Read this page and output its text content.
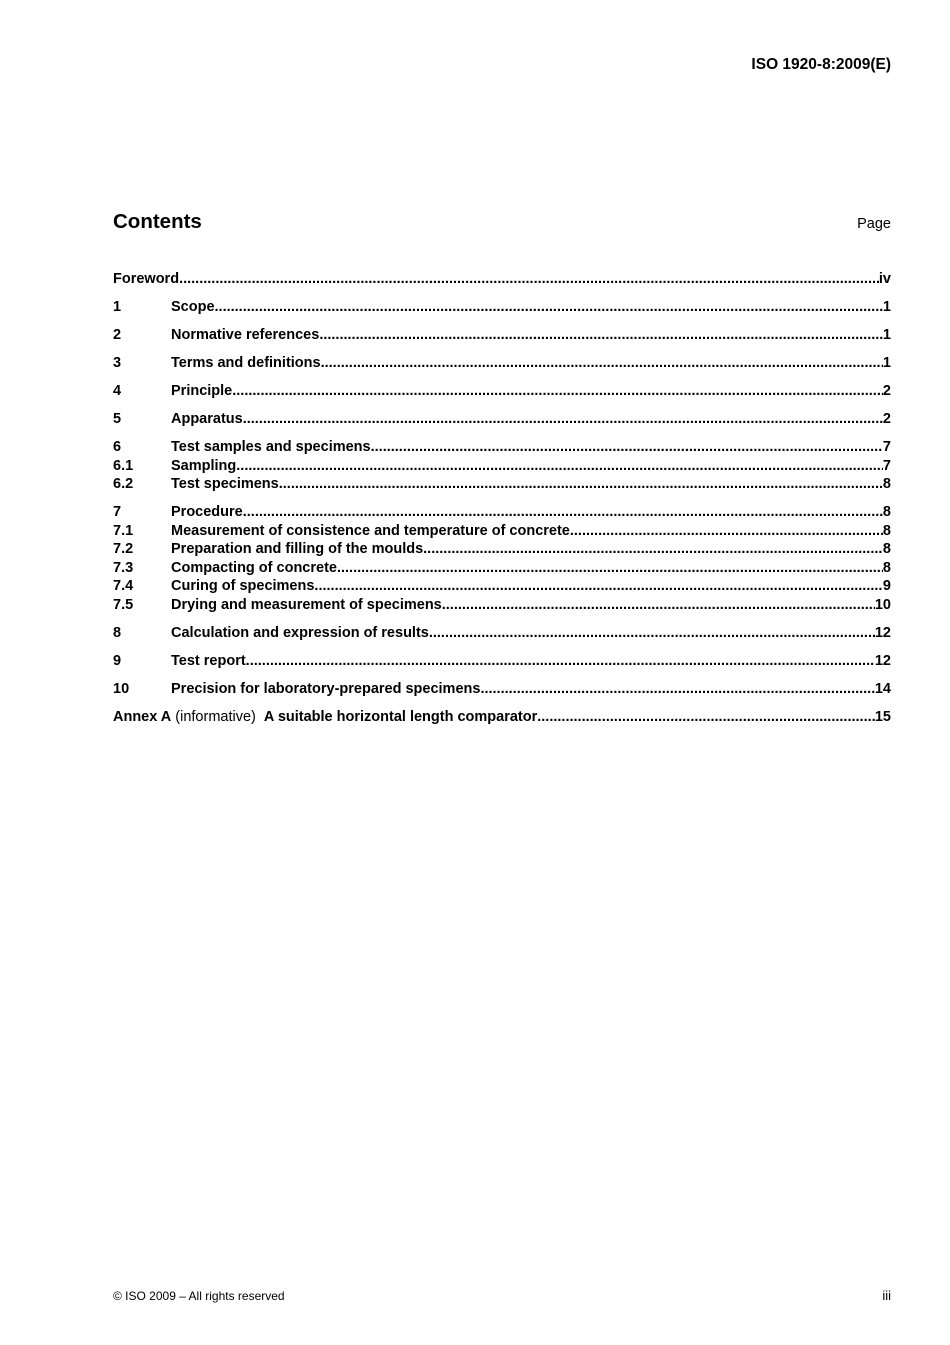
ISO 1920-8:2009(E)
Contents	Page
Foreword .....	iv
1	Scope .....	1
2	Normative references .....	1
3	Terms and definitions .....	1
4	Principle .....	2
5	Apparatus .....	2
6	Test samples and specimens .....	7
6.1	Sampling .....	7
6.2	Test specimens .....	8
7	Procedure .....	8
7.1	Measurement of consistence and temperature of concrete .....	8
7.2	Preparation and filling of the moulds .....	8
7.3	Compacting of concrete .....	8
7.4	Curing of specimens .....	9
7.5	Drying and measurement of specimens .....	10
8	Calculation and expression of results .....	12
9	Test report .....	12
10	Precision for laboratory-prepared specimens .....	14
Annex A (informative) A suitable horizontal length comparator .....	15
© ISO 2009 – All rights reserved	iii
